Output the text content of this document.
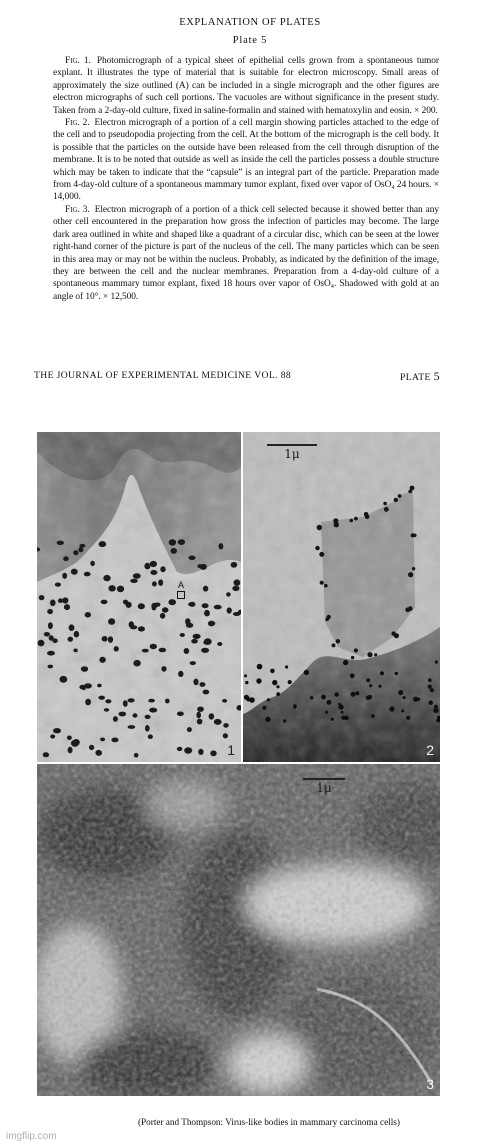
EXPLANATION OF PLATES
Plate 5

Fig. 1. Photomicrograph of a typical sheet of epithelial cells grown from a spontaneous tumor explant. It illustrates the type of material that is suitable for electron microscopy. Small areas of approximately the size outlined (A) can be included in a single micrograph and the other figures are electron micrographs of such cell portions. The vacuoles are without significance in the present study. Taken from a 2-day-old culture, fixed in saline-formalin and stained with hematoxylin and eosin. × 200.

Fig. 2. Electron micrograph of a portion of a cell margin showing particles attached to the edge of the cell and to pseudopodia projecting from the cell. At the bottom of the micrograph is the cell body. It is possible that the particles on the outside have been released from the cell through disruption of the membrane. It is to be noted that outside as well as inside the cell the particles possess a double structure which may be taken to indicate that the “capsule” is an integral part of the particle. Preparation made from 4-day-old culture of a spontaneous mammary tumor explant, fixed over vapor of OsO₄ 24 hours. × 14,000.

Fig. 3. Electron micrograph of a portion of a thick cell selected because it showed better than any other cell encountered in the preparation how gross the infection of particles may become. The large dark area outlined in white and shaped like a quadrant of a circular disc, which can be seen at the lower right-hand corner of the picture is part of the nucleus of the cell. The many particles which can be seen in this area may or may not be within the nucleus. Probably, as indicated by the definition of the image, they are between the cell and the nuclear membranes. Preparation from a 4-day-old culture of a spontaneous mammary tumor explant, fixed 18 hours over vapor of OsO₄. Shadowed with gold at an angle of 10°. × 12,500.

THE JOURNAL OF EXPERIMENTAL MEDICINE VOL. 88	PLATE 5
A
1
1μ
2
1μ
3
(Porter and Thompson: Virus-like bodies in mammary carcinoma cells)
imgflip.com
